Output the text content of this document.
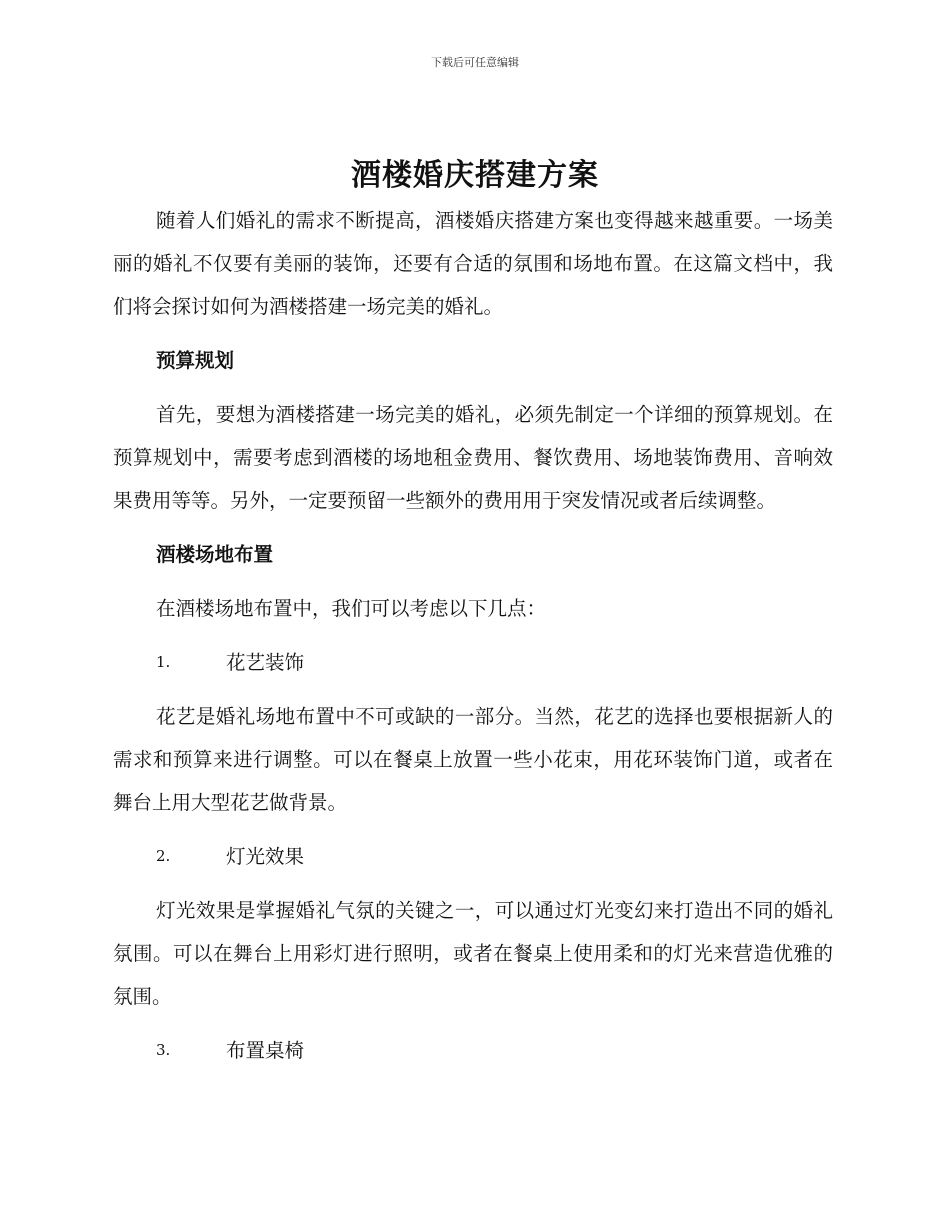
下载后可任意编辑
酒楼婚庆搭建方案

随着人们婚礼的需求不断提高，酒楼婚庆搭建方案也变得越来越重要。一场美丽的婚礼不仅要有美丽的装饰，还要有合适的氛围和场地布置。在这篇文档中，我们将会探讨如何为酒楼搭建一场完美的婚礼。

预算规划

首先，要想为酒楼搭建一场完美的婚礼，必须先制定一个详细的预算规划。在预算规划中，需要考虑到酒楼的场地租金费用、餐饮费用、场地装饰费用、音响效果费用等等。另外，一定要预留一些额外的费用用于突发情况或者后续调整。

酒楼场地布置

在酒楼场地布置中，我们可以考虑以下几点：

1.	花艺装饰

花艺是婚礼场地布置中不可或缺的一部分。当然，花艺的选择也要根据新人的需求和预算来进行调整。可以在餐桌上放置一些小花束，用花环装饰门道，或者在舞台上用大型花艺做背景。

2.	灯光效果

灯光效果是掌握婚礼气氛的关键之一，可以通过灯光变幻来打造出不同的婚礼氛围。可以在舞台上用彩灯进行照明，或者在餐桌上使用柔和的灯光来营造优雅的氛围。

3.	布置桌椅
